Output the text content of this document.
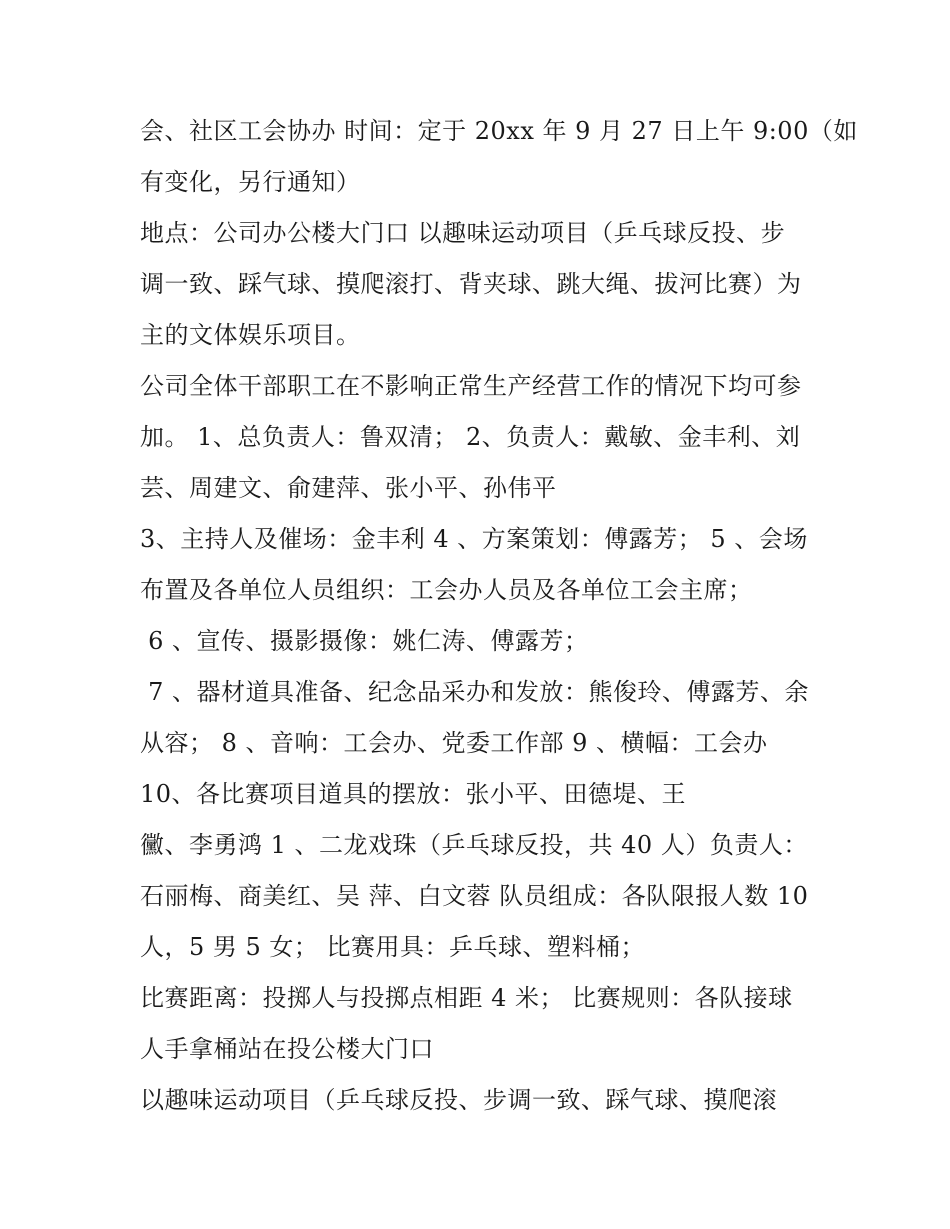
会、社区工会协办 时间：定于 20xx 年 9 月 27 日上午 9:00（如
有变化，另行通知）
地点：公司办公楼大门口 以趣味运动项目（乒乓球反投、步
调一致、踩气球、摸爬滚打、背夹球、跳大绳、拔河比赛）为
主的文体娱乐项目。
公司全体干部职工在不影响正常生产经营工作的情况下均可参
加。 1、总负责人：鲁双清； 2、负责人：戴敏、金丰利、刘
芸、周建文、俞建萍、张小平、孙伟平
3、主持人及催场：金丰利 4 、方案策划：傅露芳； 5 、会场
布置及各单位人员组织：工会办人员及各单位工会主席；
6 、宣传、摄影摄像：姚仁涛、傅露芳；
7 、器材道具准备、纪念品采办和发放：熊俊玲、傅露芳、余
从容； 8 、音响：工会办、党委工作部 9 、横幅：工会办
10、各比赛项目道具的摆放：张小平、田德堤、王
黴、李勇鸿 1 、二龙戏珠（乒乓球反投，共 40 人）负责人：
石丽梅、商美红、吴 萍、白文蓉 队员组成：各队限报人数 10
人，5 男 5 女； 比赛用具：乒乓球、塑料桶；
比赛距离：投掷人与投掷点相距 4 米； 比赛规则：各队接球
人手拿桶站在投公楼大门口
以趣味运动项目（乒乓球反投、步调一致、踩气球、摸爬滚
